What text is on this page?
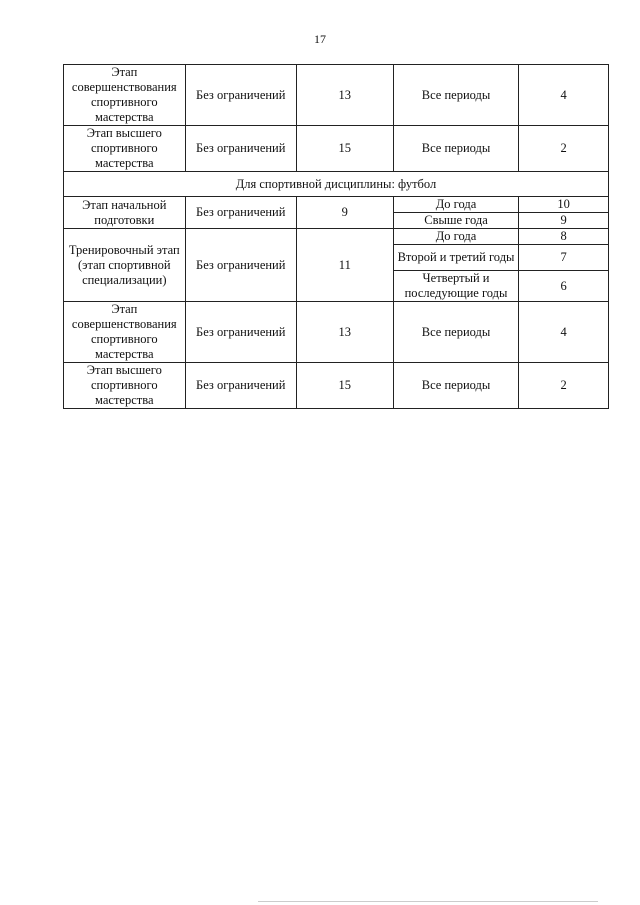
17
Этап совершенствования спортивного мастерства	Без ограничений	13	Все периоды	4
Этап высшего спортивного мастерства	Без ограничений	15	Все периоды	2
Для спортивной дисциплины: футбол				
Этап начальной подготовки	Без ограничений	9	До года	10
			Свыше года	9
Тренировочный этап (этап спортивной специализации)	Без ограничений	11	До года	8
			Второй и третий годы	7
			Четвертый и последующие годы	6
Этап совершенствования спортивного мастерства	Без ограничений	13	Все периоды	4
Этап высшего спортивного мастерства	Без ограничений	15	Все периоды	2
